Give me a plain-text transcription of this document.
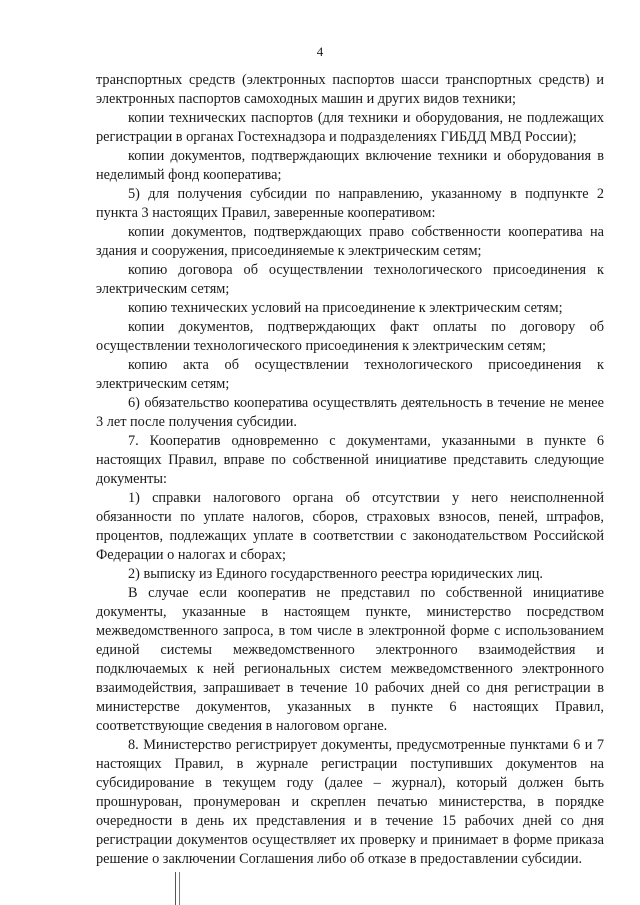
4

транспортных средств (электронных паспортов шасси транспортных средств) и электронных паспортов самоходных машин и других видов техники;

копии технических паспортов (для техники и оборудования, не подлежащих регистрации в органах Гостехнадзора и подразделениях ГИБДД МВД России);

копии документов, подтверждающих включение техники и оборудования в неделимый фонд кооператива;

5) для получения субсидии по направлению, указанному в подпункте 2 пункта 3 настоящих Правил, заверенные кооперативом:

копии документов, подтверждающих право собственности кооператива на здания и сооружения, присоединяемые к электрическим сетям;

копию договора об осуществлении технологического присоединения к электрическим сетям;

копию технических условий на присоединение к электрическим сетям;

копии документов, подтверждающих факт оплаты по договору об осуществлении технологического присоединения к электрическим сетям;

копию акта об осуществлении технологического присоединения к электрическим сетям;

6) обязательство кооператива осуществлять деятельность в течение не менее 3 лет после получения субсидии.

7. Кооператив одновременно с документами, указанными в пункте 6 настоящих Правил, вправе по собственной инициативе представить следующие документы:

1) справки налогового органа об отсутствии у него неисполненной обязанности по уплате налогов, сборов, страховых взносов, пеней, штрафов, процентов, подлежащих уплате в соответствии с законодательством Российской Федерации о налогах и сборах;

2) выписку из Единого государственного реестра юридических лиц.

В случае если кооператив не представил по собственной инициативе документы, указанные в настоящем пункте, министерство посредством межведомственного запроса, в том числе в электронной форме с использованием единой системы межведомственного электронного взаимодействия и подключаемых к ней региональных систем межведомственного электронного взаимодействия, запрашивает в течение 10 рабочих дней со дня регистрации в министерстве документов, указанных в пункте 6 настоящих Правил, соответствующие сведения в налоговом органе.

8. Министерство регистрирует документы, предусмотренные пунктами 6 и 7 настоящих Правил, в журнале регистрации поступивших документов на субсидирование в текущем году (далее – журнал), который должен быть прошнурован, пронумерован и скреплен печатью министерства, в порядке очередности в день их представления и в течение 15 рабочих дней со дня регистрации документов осуществляет их проверку и принимает в форме приказа решение о заключении Соглашения либо об отказе в предоставлении субсидии.
